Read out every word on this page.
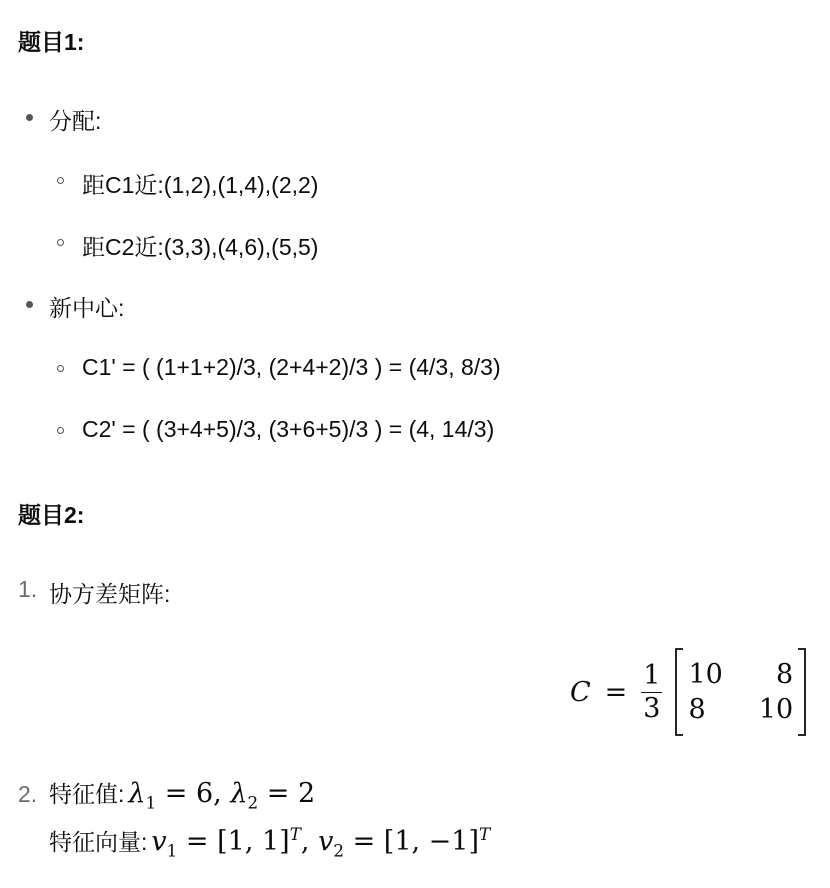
题目1:
分配:
距C1近:(1,2),(1,4),(2,2)
距C2近:(3,3),(4,6),(5,5)
新中心:
C1' = ( (1+1+2)/3, (2+4+2)/3 ) = (4/3, 8/3)
C2' = ( (3+4+5)/3, (3+6+5)/3 ) = (4, 14/3)
题目2:
1. 协方差矩阵:
$C = \frac{1}{3} 10$	8
8	10
2. 特征值: $\lambda_1 = 6$, $\lambda_2 = 2$
特征向量: $v_1 = [1$, 1]$^T$, $v_2 = [1$, −1]$^T$
